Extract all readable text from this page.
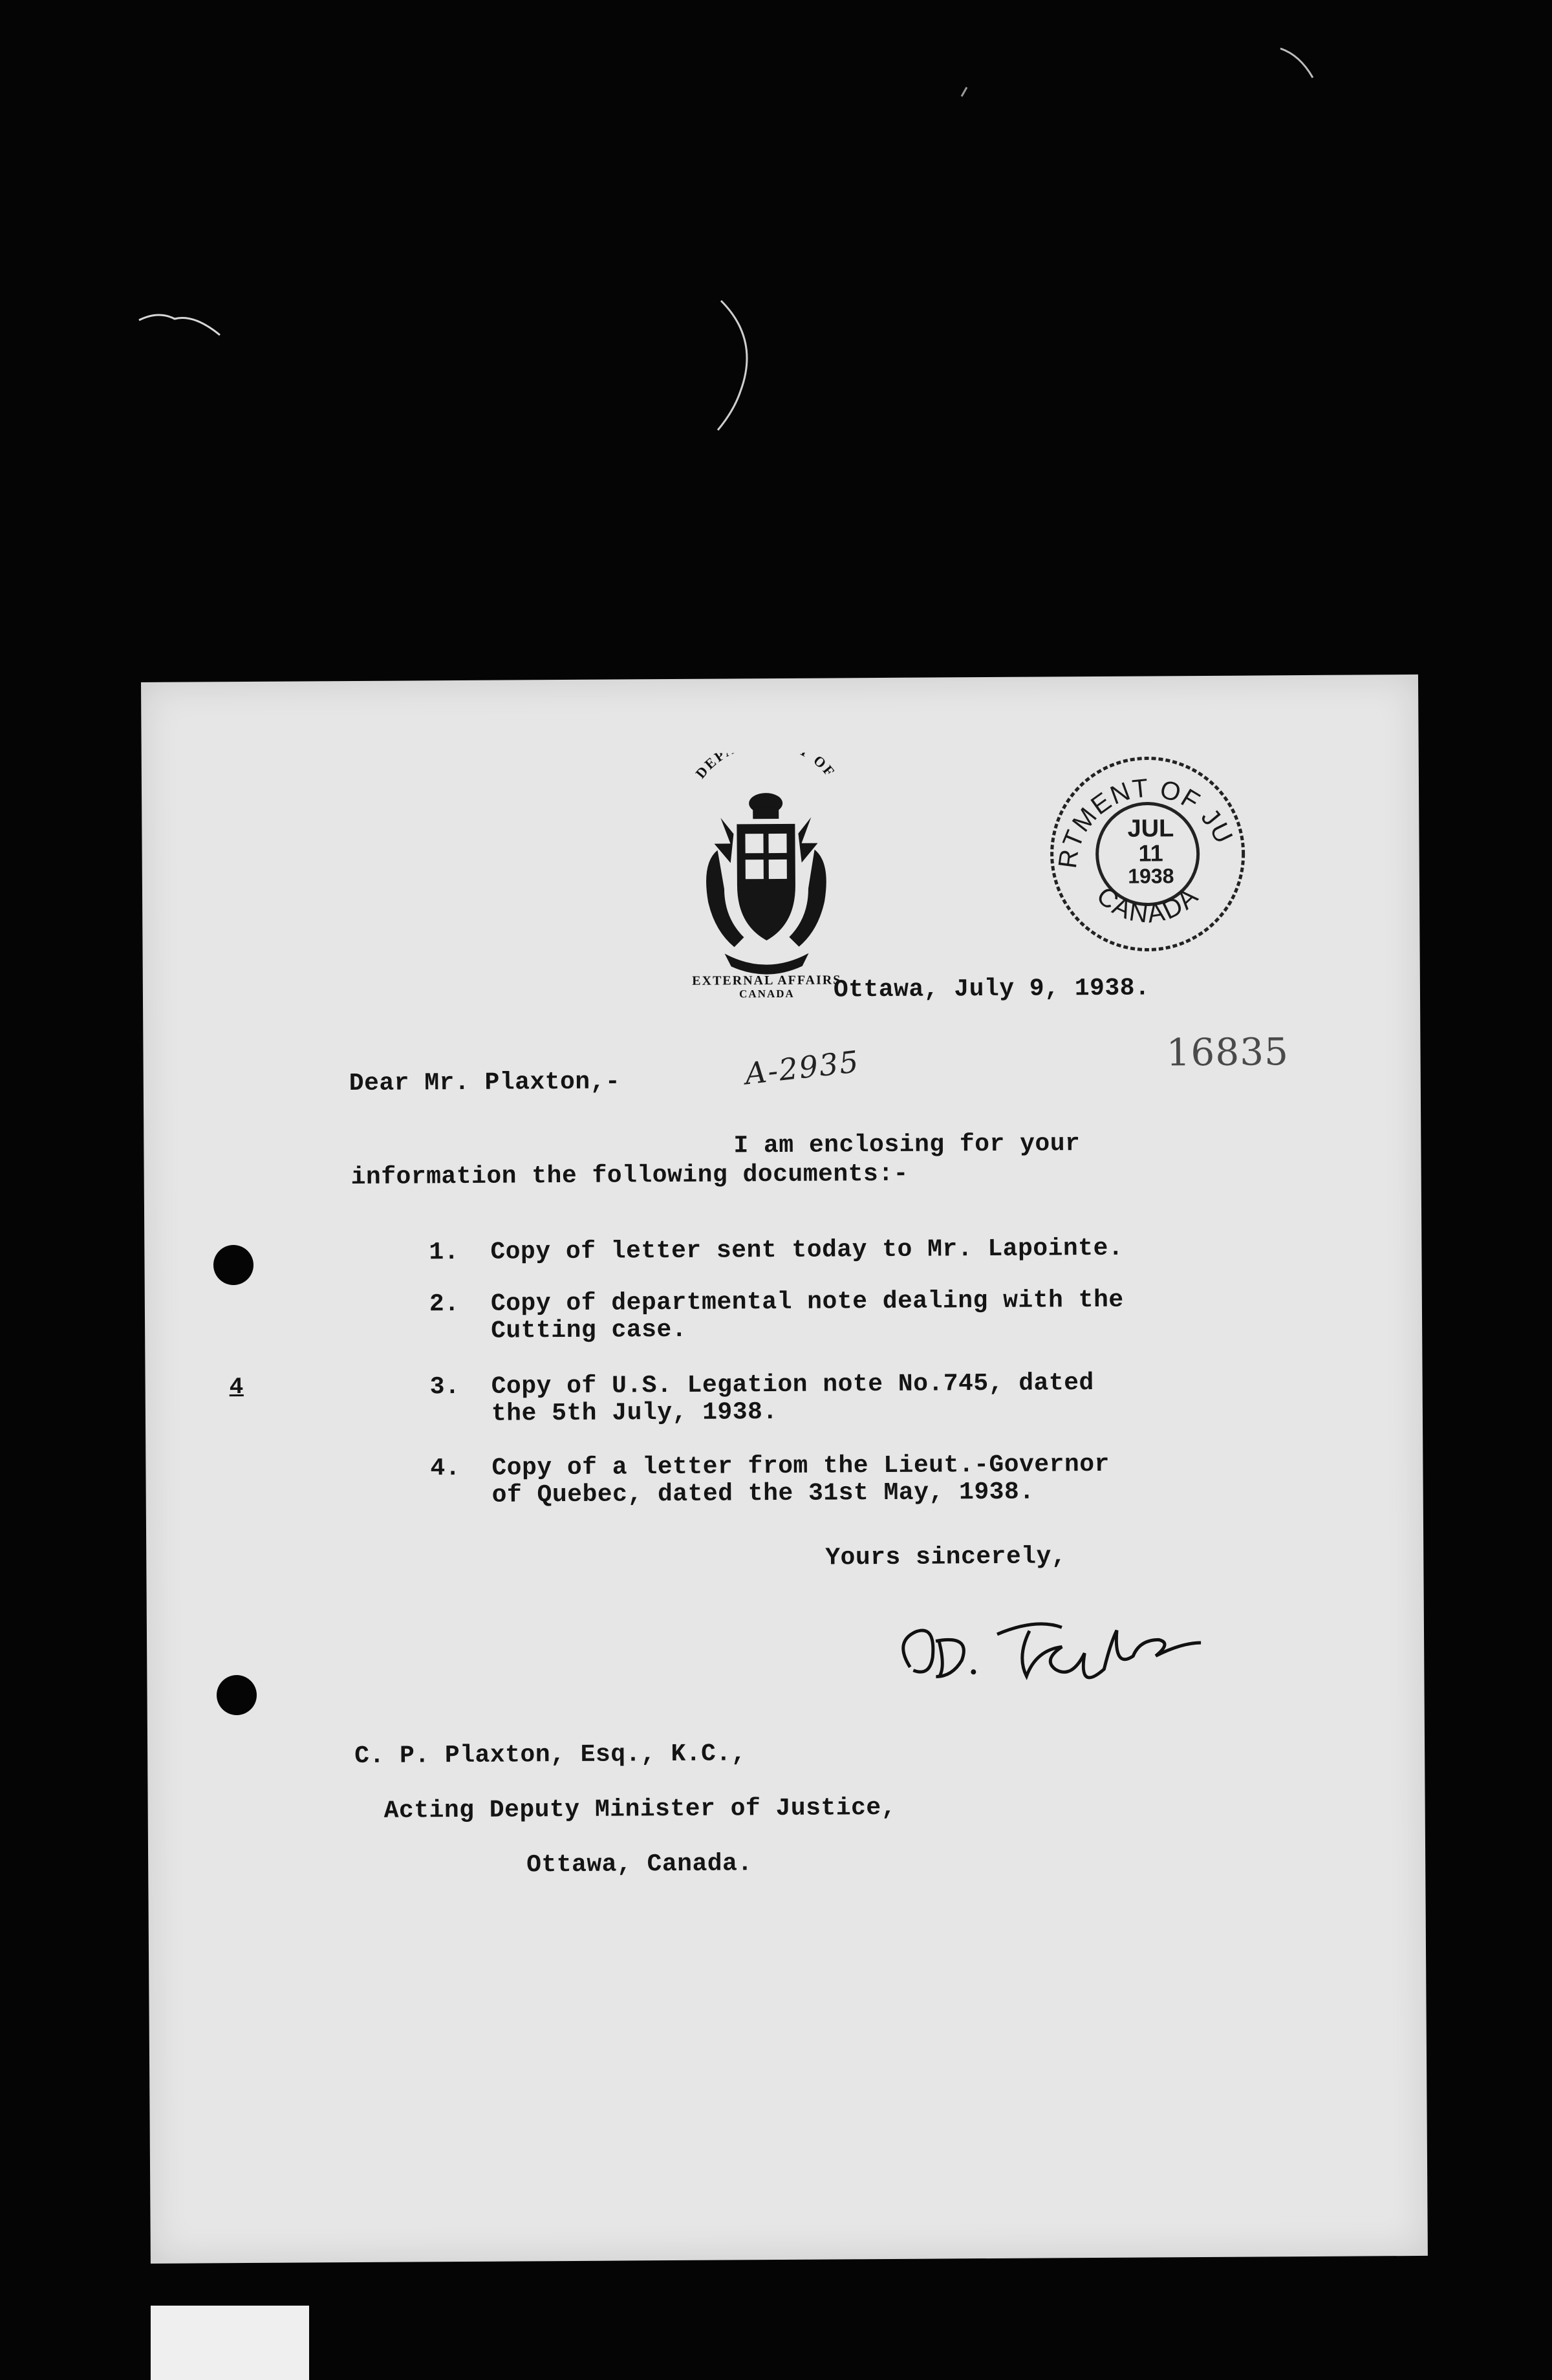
DEPARTMENT OF
EXTERNAL AFFAIRS
CANADA
DEPARTMENT OF JUSTICE
CANADA
JUL
11
1938
Ottawa, July 9, 1938.
16835
A-2935
Dear Mr. Plaxton,-
I am enclosing for your
information the following documents:-
1. Copy of letter sent today to Mr. Lapointe.
2. Copy of departmental note dealing with the
Cutting case.
4	3. Copy of U.S. Legation note No.745, dated
the 5th July, 1938.
4. Copy of a letter from the Lieut.-Governor
of Quebec, dated the 31st May, 1938.
Yours sincerely,
O.D. Skelton
C. P. Plaxton, Esq., K.C.,
Acting Deputy Minister of Justice,
Ottawa, Canada.
